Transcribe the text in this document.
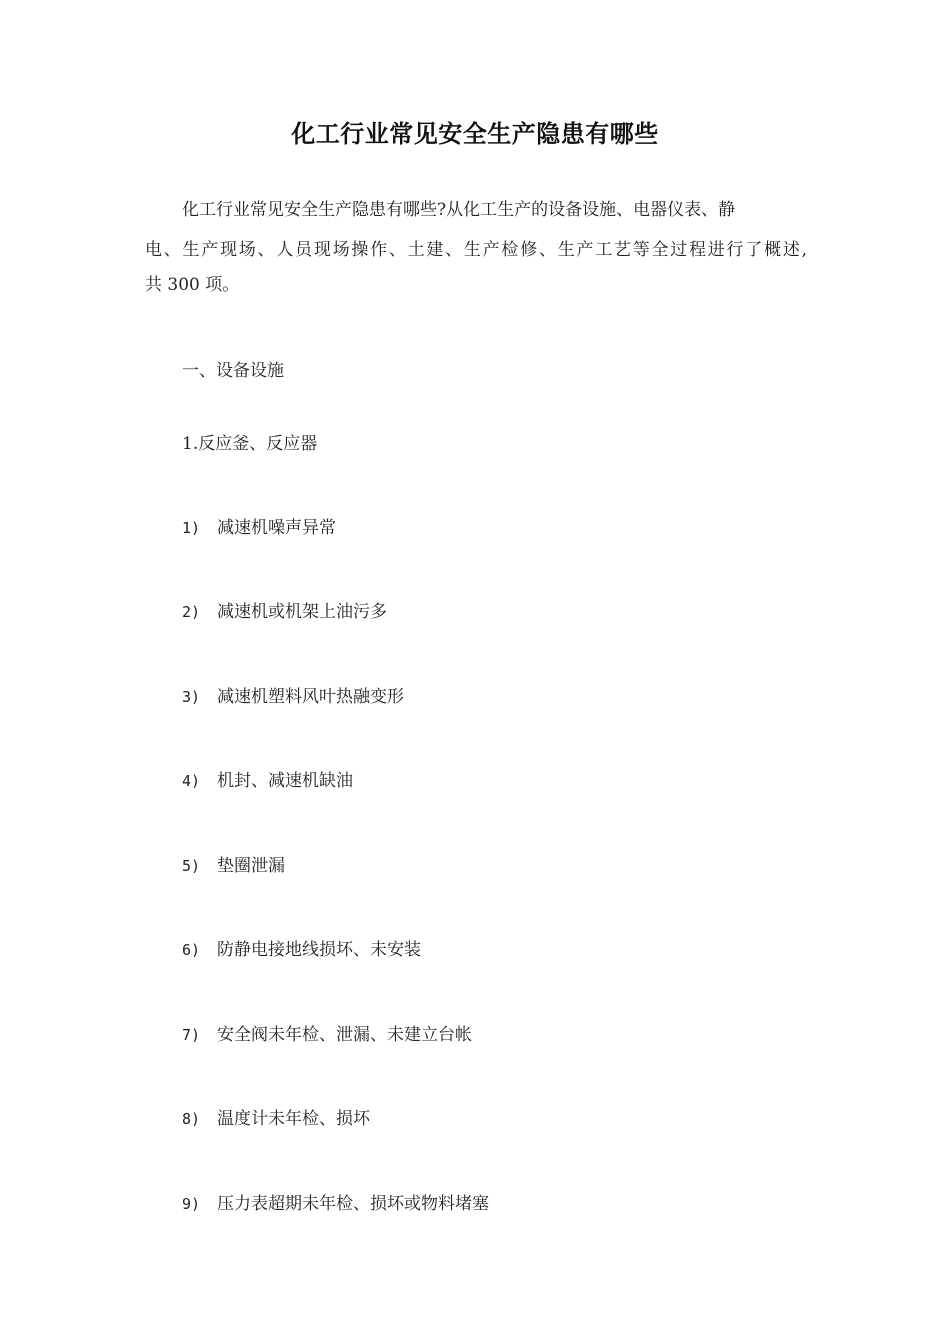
化工行业常见安全生产隐患有哪些
化工行业常见安全生产隐患有哪些?从化工生产的设备设施、电器仪表、静
电、生产现场、人员现场操作、土建、生产检修、生产工艺等全过程进行了概述,
共 300 项。
一、设备设施
1.反应釜、反应器
1) 减速机噪声异常
2) 减速机或机架上油污多
3) 减速机塑料风叶热融变形
4) 机封、减速机缺油
5) 垫圈泄漏
6) 防静电接地线损坏、未安装
7) 安全阀未年检、泄漏、未建立台帐
8) 温度计未年检、损坏
9) 压力表超期未年检、损坏或物料堵塞
